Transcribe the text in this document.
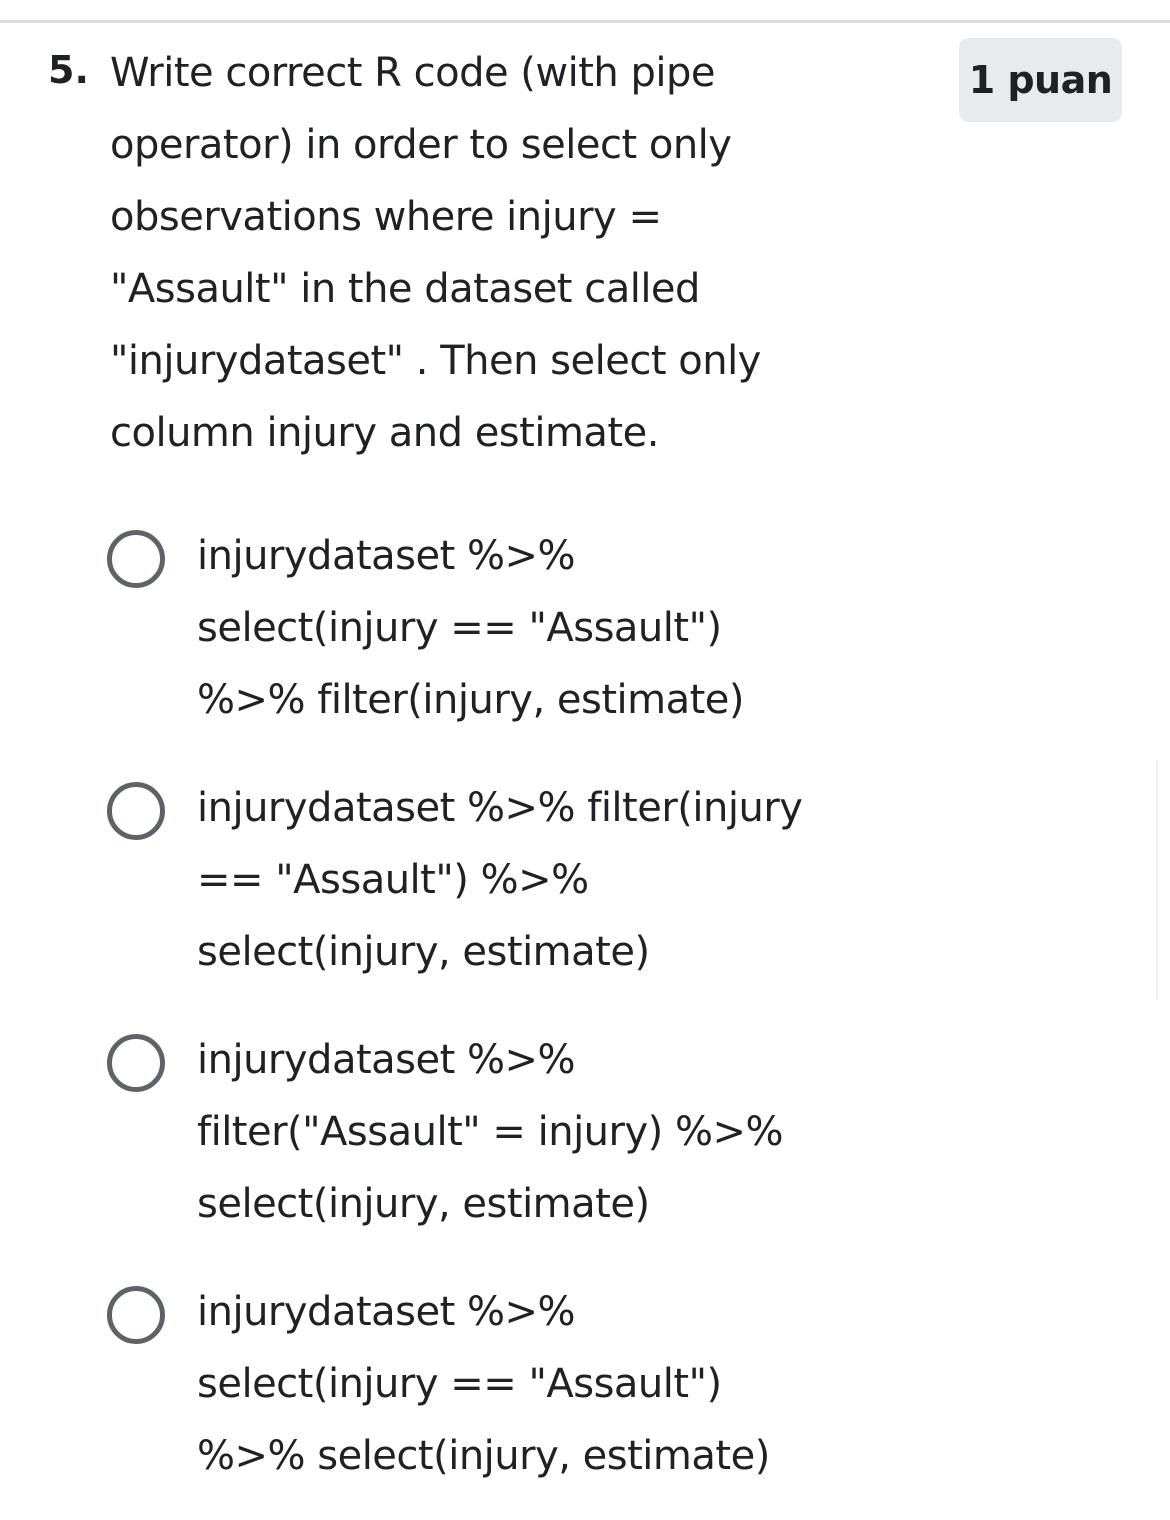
5. Write correct R code (with pipe operator) in order to select only observations where injury = "Assault" in the dataset called "injurydataset" . Then select only column injury and estimate.

1 puan

injurydataset %>%
select(injury == "Assault")
%>% filter(injury, estimate)

injurydataset %>% filter(injury
== "Assault") %>%
select(injury, estimate)

injurydataset %>%
filter("Assault" = injury) %>%
select(injury, estimate)

injurydataset %>%
select(injury == "Assault")
%>% select(injury, estimate)
